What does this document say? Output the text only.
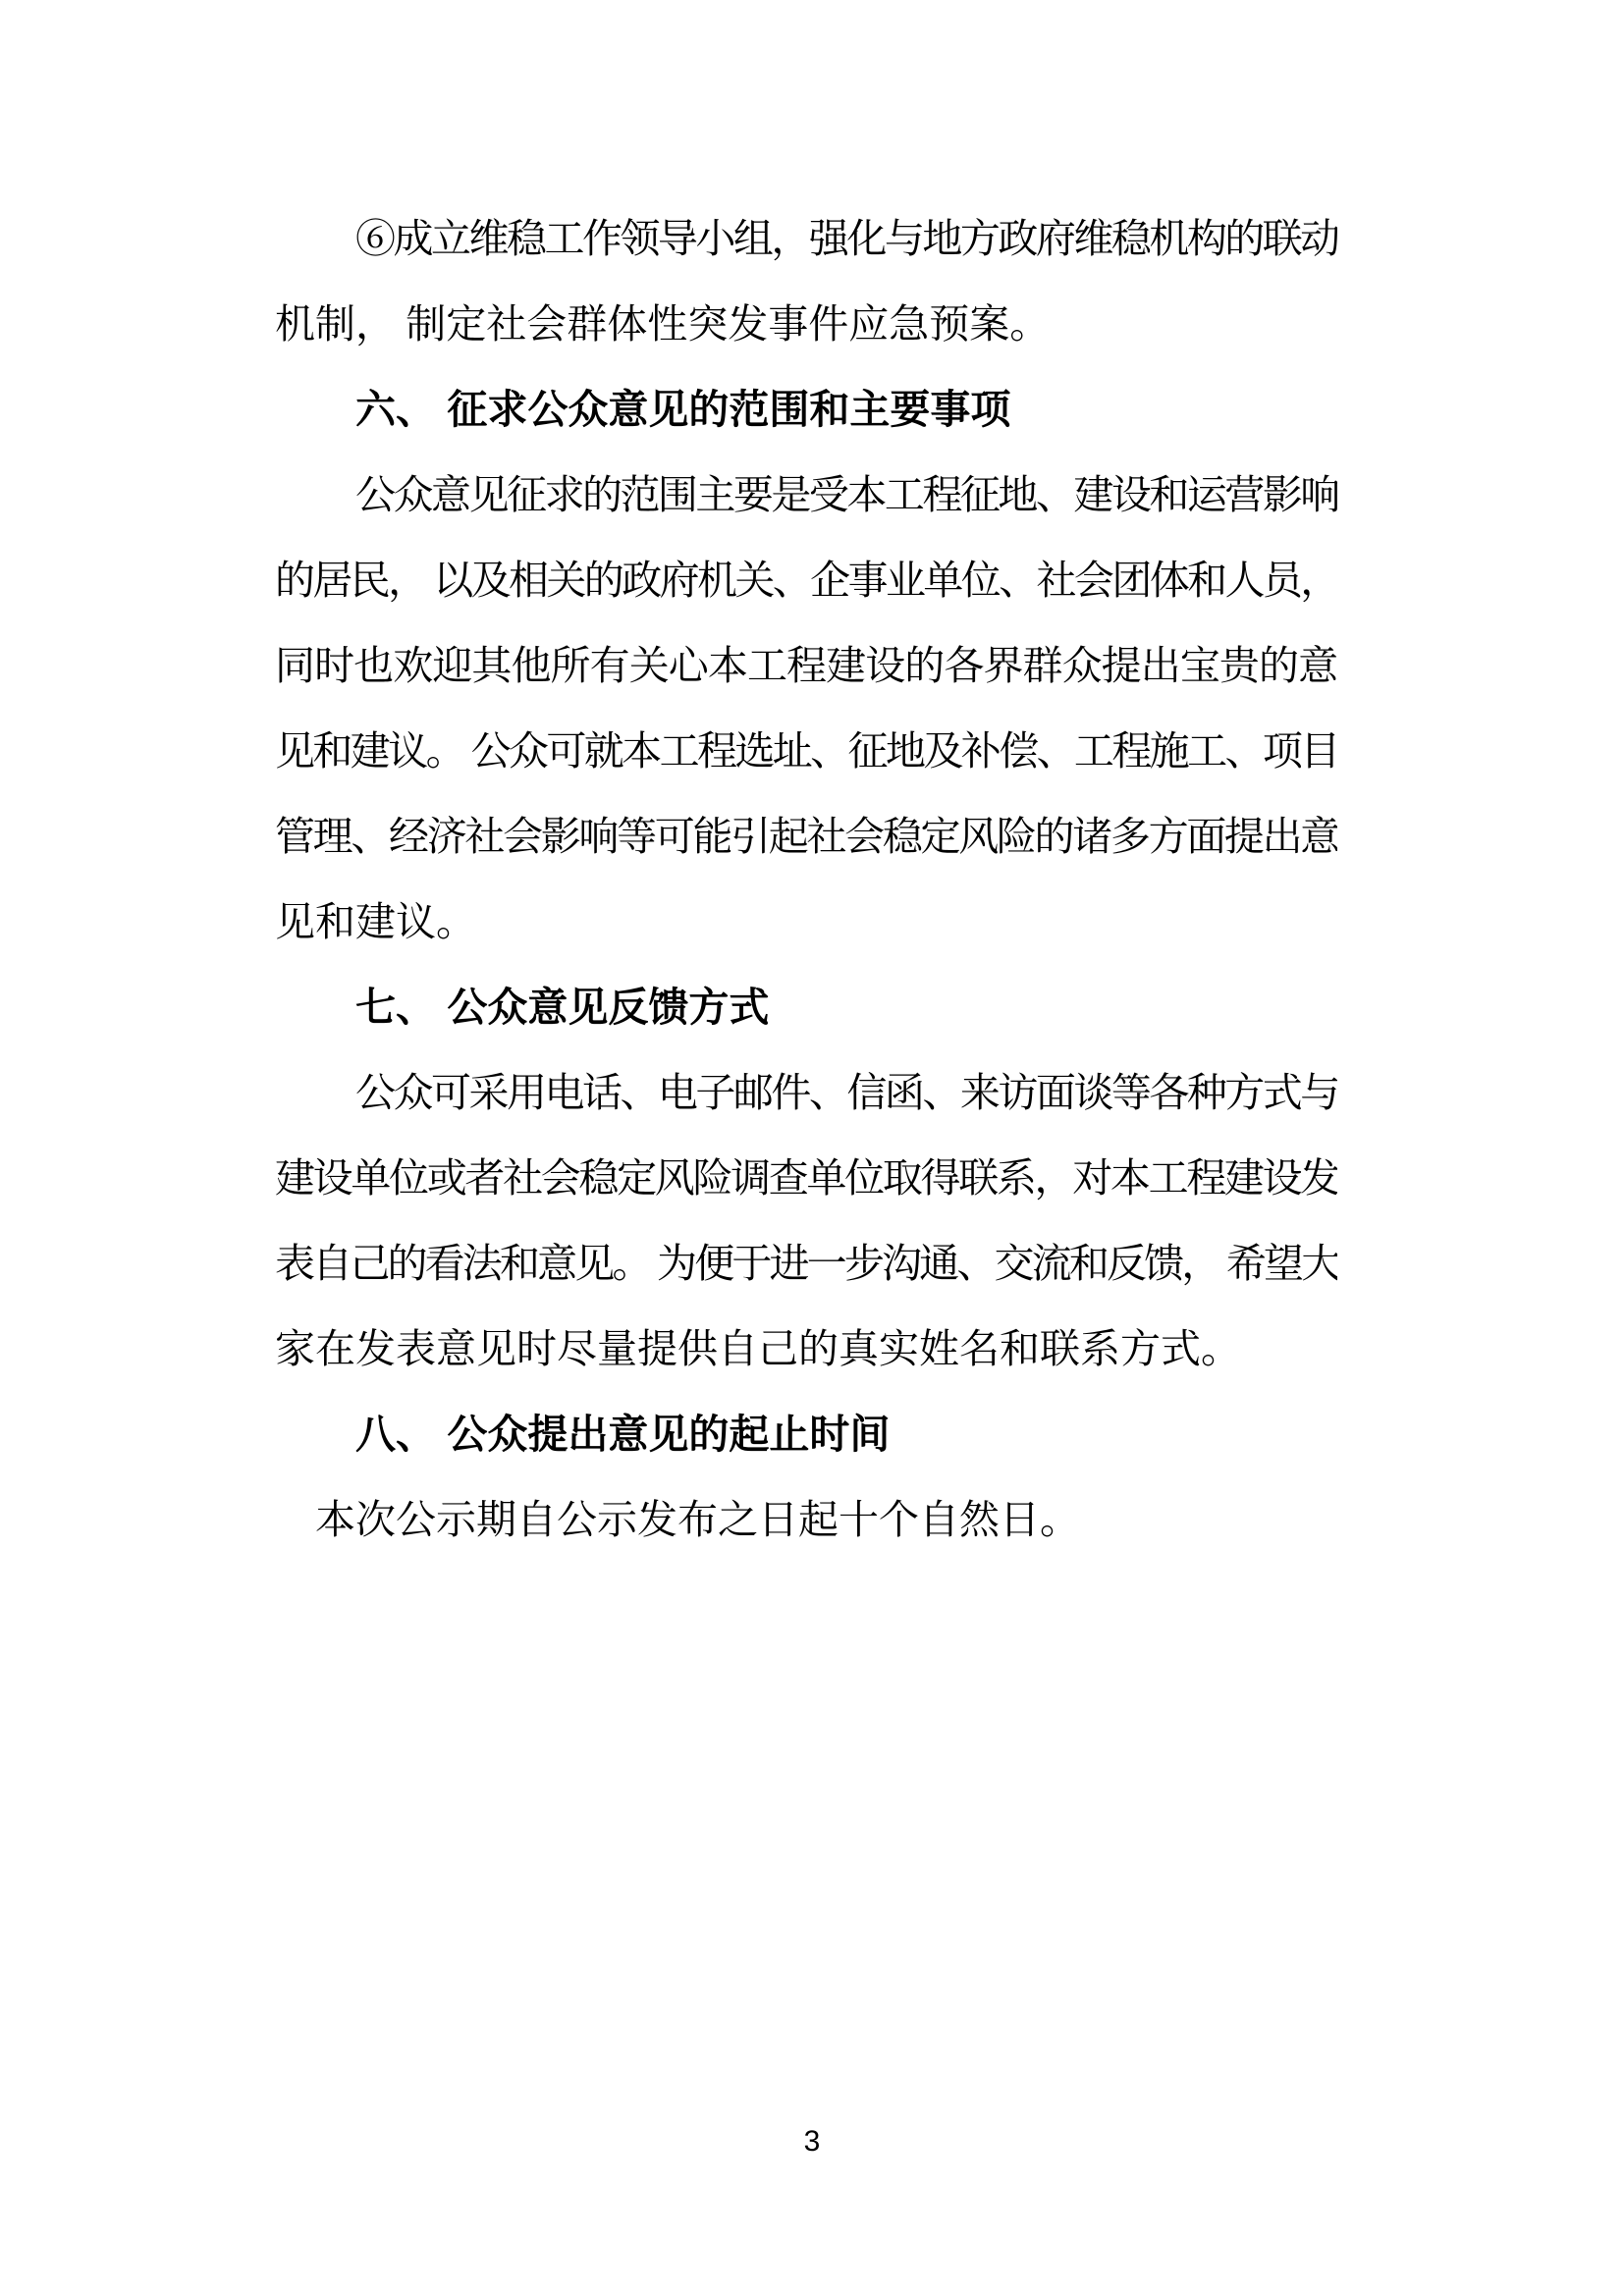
⑥成立维稳工作领导小组，强化与地方政府维稳机构的联动
机制， 制定社会群体性突发事件应急预案。
六、 征求公众意见的范围和主要事项
公众意见征求的范围主要是受本工程征地、建设和运营影响
的居民， 以及相关的政府机关、企事业单位、社会团体和人员，
同时也欢迎其他所有关心本工程建设的各界群众提出宝贵的意
见和建议。 公众可就本工程选址、征地及补偿、工程施工、项目
管理、经济社会影响等可能引起社会稳定风险的诸多方面提出意
见和建议。
七、 公众意见反馈方式
公众可采用电话、电子邮件、信函、来访面谈等各种方式与
建设单位或者社会稳定风险调查单位取得联系，对本工程建设发
表自己的看法和意见。 为便于进一步沟通、交流和反馈， 希望大
家在发表意见时尽量提供自己的真实姓名和联系方式。
八、 公众提出意见的起止时间
本次公示期自公示发布之日起十个自然日。
3
